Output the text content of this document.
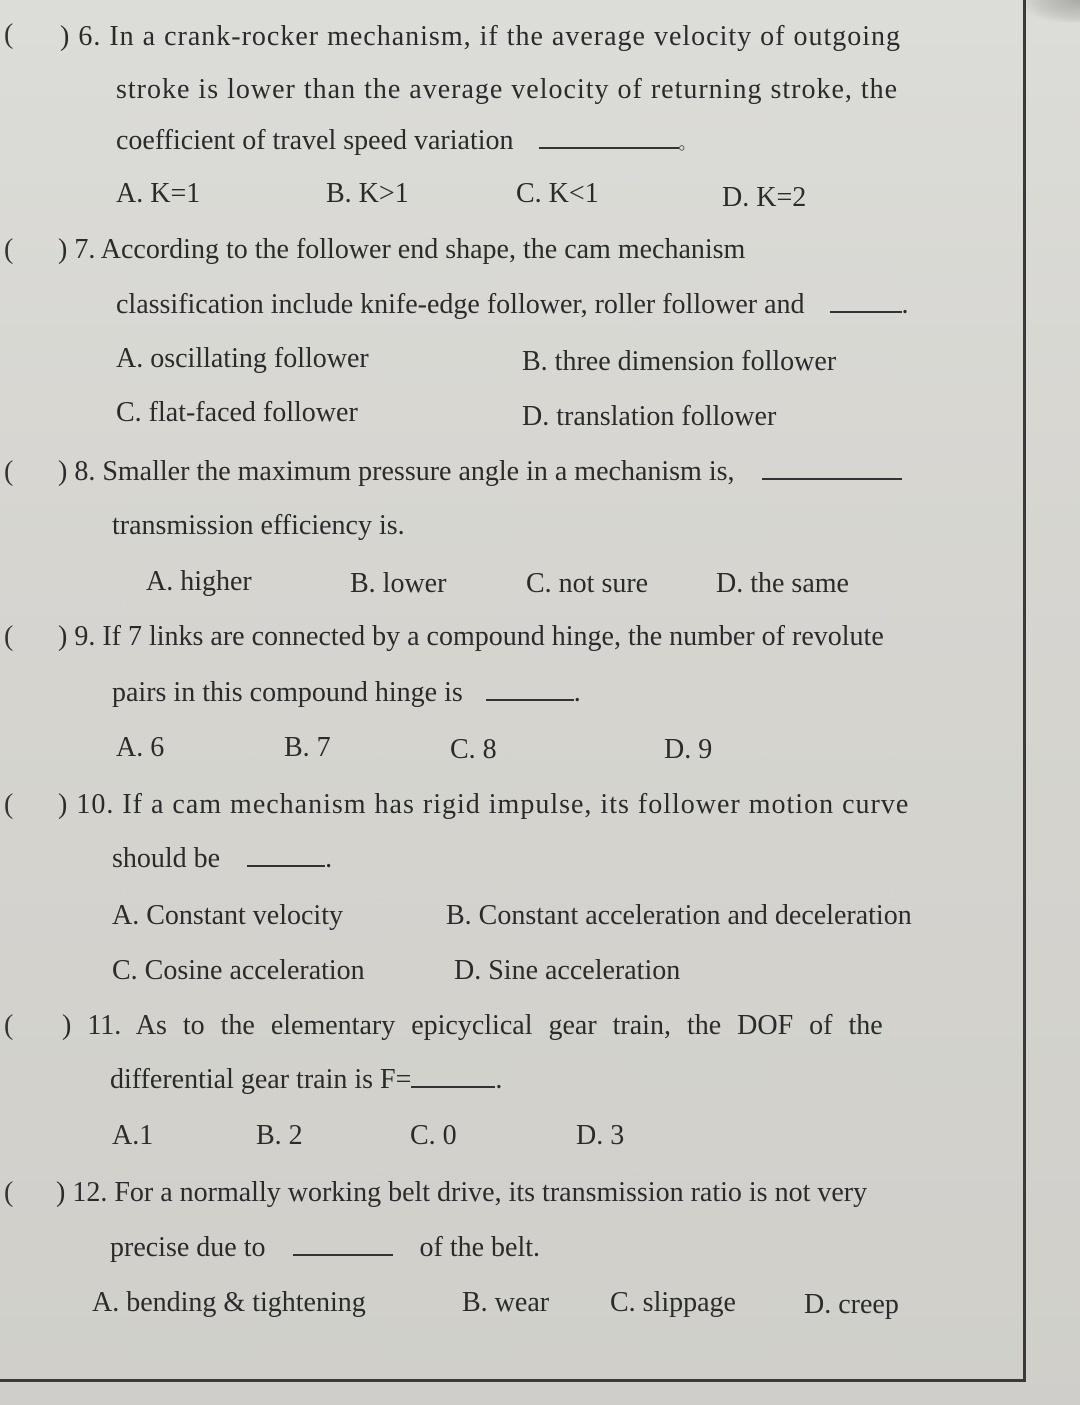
( ) 6. In a crank-rocker mechanism, if the average velocity of outgoing
stroke is lower than the average velocity of returning stroke, the
coefficient of travel speed variation	。
A. K=1	B. K>1	C. K<1	D. K=2
( ) 7. According to the follower end shape, the cam mechanism
classification include knife-edge follower, roller follower and	.
A. oscillating follower	B. three dimension follower
C. flat-faced follower	D. translation follower
( ) 8. Smaller the maximum pressure angle in a mechanism is,
transmission efficiency is.
A. higher	B. lower	C. not sure D. the same
( ) 9. If 7 links are connected by a compound hinge, the number of revolute
pairs in this compound hinge is	.
A. 6	B. 7	C. 8	D. 9
( ) 10. If a cam mechanism has rigid impulse, its follower motion curve
should be	.
A. Constant velocity	B. Constant acceleration and deceleration
C. Cosine acceleration	D. Sine acceleration
( ) 11. As to the elementary epicyclical gear train, the DOF of the
differential gear train is F=	.
A.1	B. 2	C. 0	D. 3
( ) 12. For a normally working belt drive, its transmission ratio is not very
precise due to	of the belt.
A. bending & tightening	B. wear C. slippage D. creep
